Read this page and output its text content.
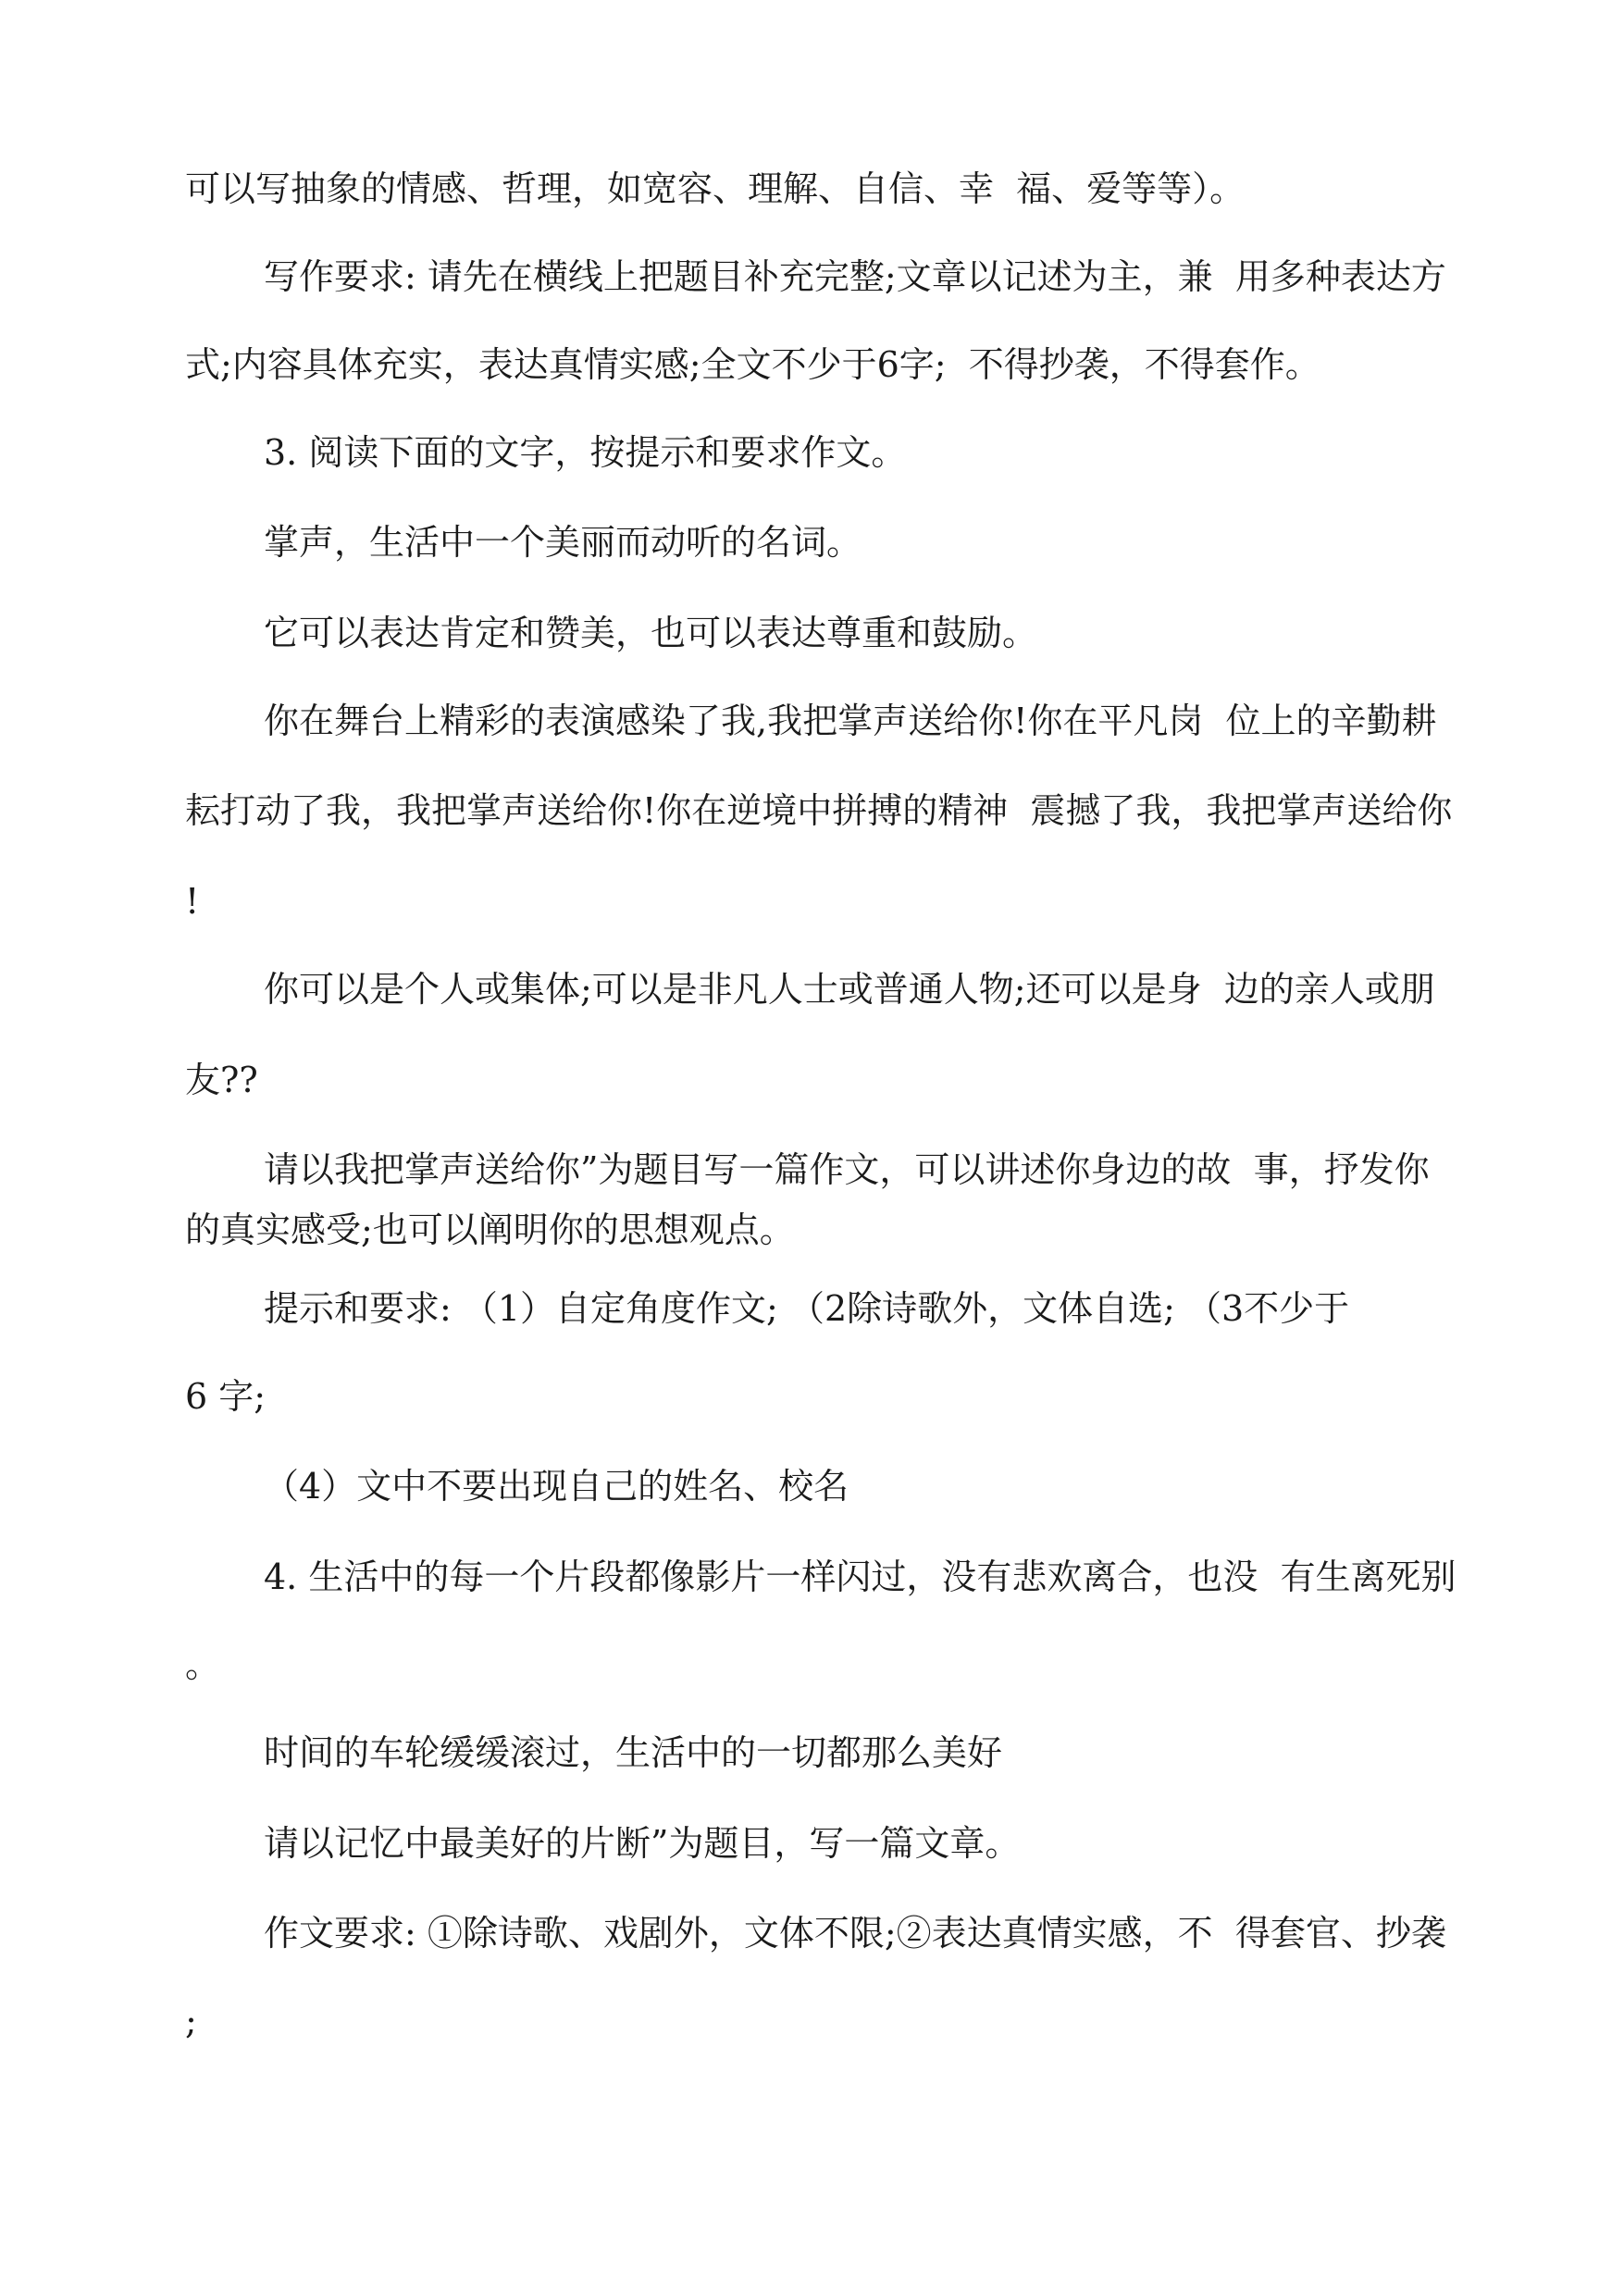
可以写抽象的情感、哲理，如宽容、理解、自信、幸  福、爱等等）。

写作要求: 请先在横线上把题目补充完整;文章以记述为主，兼  用多种表达方

式;内容具体充实，表达真情实感;全文不少于6字;  不得抄袭，不得套作。

3. 阅读下面的文字，按提示和要求作文。

掌声，生活中一个美丽而动听的名词。

它可以表达肯定和赞美，也可以表达尊重和鼓励。

你在舞台上精彩的表演感染了我,我把掌声送给你!你在平凡岗  位上的辛勤耕

耘打动了我，我把掌声送给你!你在逆境中拼搏的精神  震撼了我，我把掌声送给你

!

你可以是个人或集体;可以是非凡人士或普通人物;还可以是身  边的亲人或朋

友??

请以我把掌声送给你”为题目写一篇作文，可以讲述你身边的故  事，抒发你

的真实感受;也可以阐明你的思想观点。

提示和要求: （1）自定角度作文; （2除诗歌外，文体自选; （3不少于

6 字;

（4）文中不要出现自己的姓名、校名

4. 生活中的每一个片段都像影片一样闪过，没有悲欢离合，也没  有生离死别

。

时间的车轮缓缓滚过，生活中的一切都那么美好

请以记忆中最美好的片断”为题目，写一篇文章。

作文要求: ①除诗歌、戏剧外，文体不限;②表达真情实感，不  得套官、抄袭

;
